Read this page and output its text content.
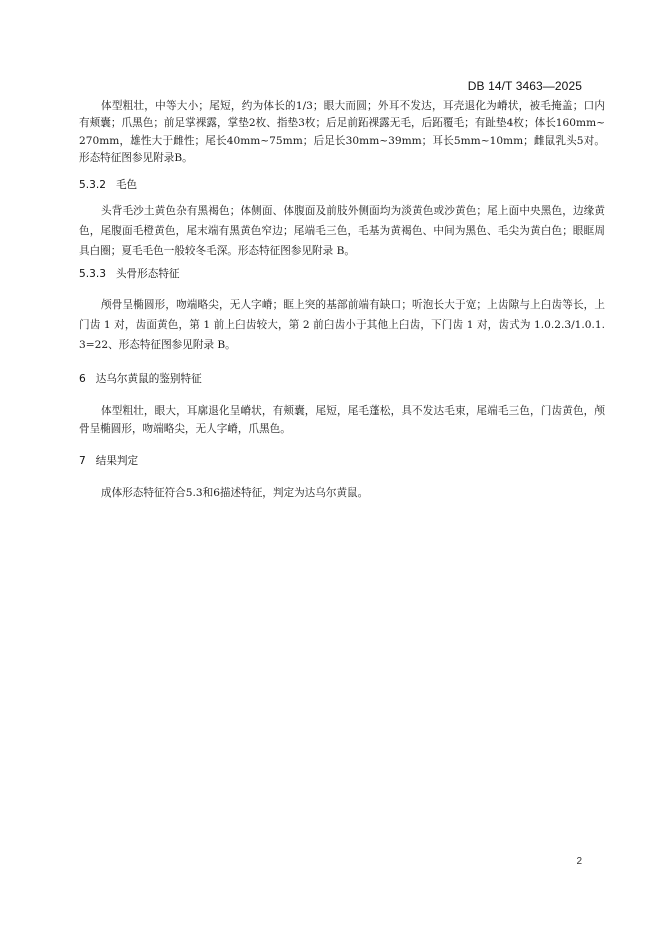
DB 14/T 3463—2025

体型粗壮，中等大小；尾短，约为体长的1/3；眼大而圆；外耳不发达，耳壳退化为嵴状，被毛掩盖；口内有颊囊；爪黑色；前足掌裸露，掌垫2枚、指垫3枚；后足前跖裸露无毛，后跖覆毛；有趾垫4枚；体长160mm~270mm，雄性大于雌性；尾长40mm~75mm；后足长30mm~39mm；耳长5mm~10mm；雌鼠乳头5对。形态特征图参见附录B。

5.3.2 毛色

头背毛沙土黄色杂有黑褐色；体侧面、体腹面及前肢外侧面均为淡黄色或沙黄色；尾上面中央黑色，边缘黄色，尾腹面毛橙黄色，尾末端有黑黄色窄边；尾端毛三色，毛基为黄褐色、中间为黑色、毛尖为黄白色；眼眶周具白圈；夏毛毛色一般较冬毛深。形态特征图参见附录 B。

5.3.3 头骨形态特征

颅骨呈椭圆形，吻端略尖，无人字嵴；眶上突的基部前端有缺口；听泡长大于宽；上齿隙与上臼齿等长，上门齿 1 对，齿面黄色，第 1 前上臼齿较大，第 2 前臼齿小于其他上臼齿，下门齿 1 对，齿式为 1.0.2.3/1.0.1.3=22、形态特征图参见附录 B。

6 达乌尔黄鼠的鉴别特征

体型粗壮，眼大，耳廓退化呈嵴状，有颊囊，尾短，尾毛蓬松，具不发达毛束，尾端毛三色，门齿黄色，颅骨呈椭圆形，吻端略尖，无人字嵴，爪黑色。

7 结果判定

成体形态特征符合5.3和6描述特征，判定为达乌尔黄鼠。

2
